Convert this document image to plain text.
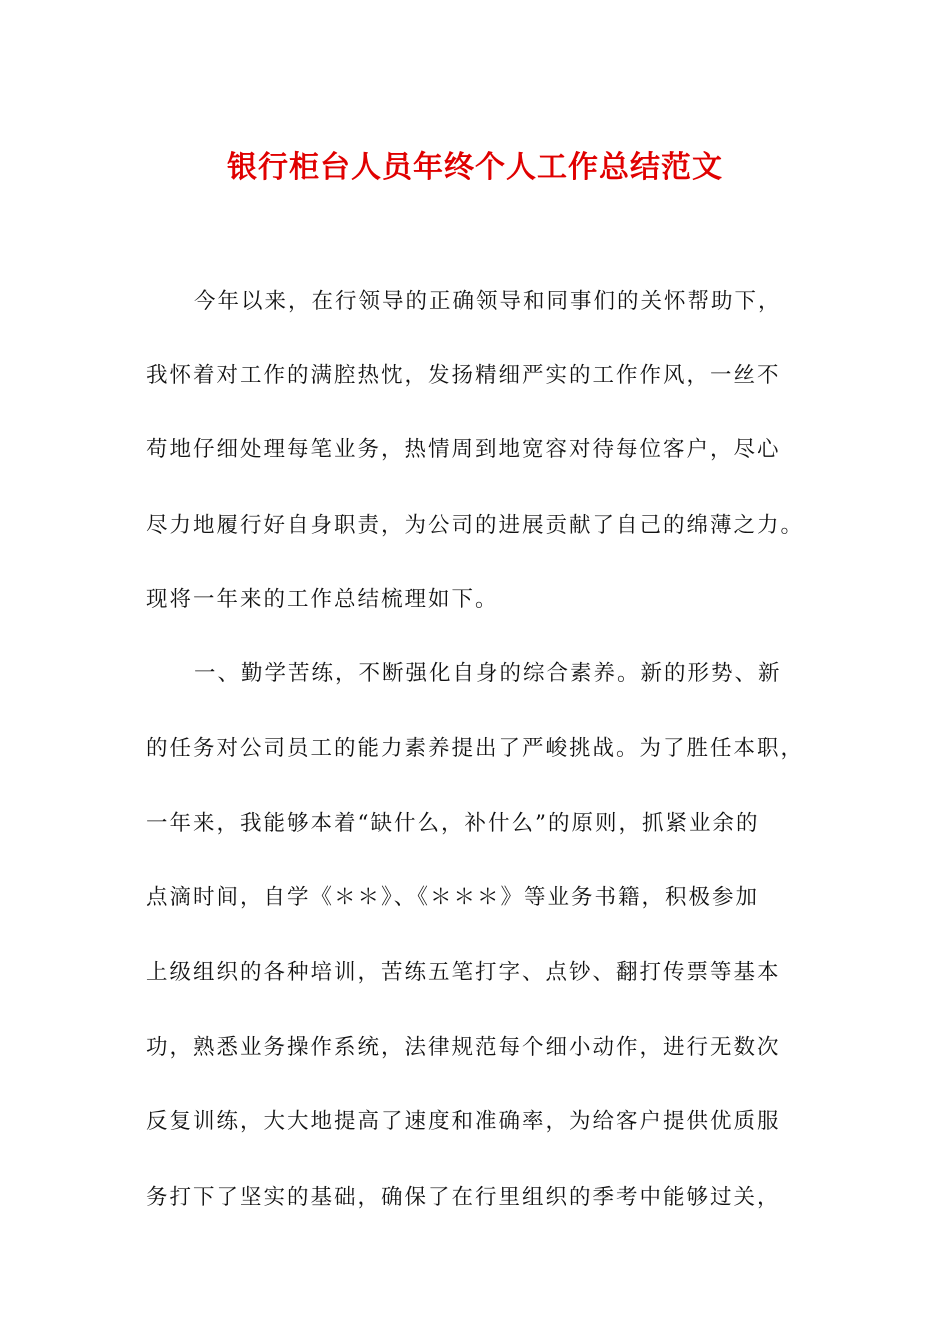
银行柜台人员年终个人工作总结范文

今年以来，在行领导的正确领导和同事们的关怀帮助下，

我怀着对工作的满腔热忱，发扬精细严实的工作作风，一丝不

苟地仔细处理每笔业务，热情周到地宽容对待每位客户，尽心

尽力地履行好自身职责，为公司的进展贡献了自己的绵薄之力。

现将一年来的工作总结梳理如下。

一、勤学苦练，不断强化自身的综合素养。新的形势、新

的任务对公司员工的能力素养提出了严峻挑战。为了胜任本职，

一年来，我能够本着“缺什么，补什么”的原则，抓紧业余的

点滴时间，自学《＊＊》、《＊＊＊》等业务书籍，积极参加

上级组织的各种培训，苦练五笔打字、点钞、翻打传票等基本

功，熟悉业务操作系统，法律规范每个细小动作，进行无数次

反复训练，大大地提高了速度和准确率，为给客户提供优质服

务打下了坚实的基础，确保了在行里组织的季考中能够过关，
